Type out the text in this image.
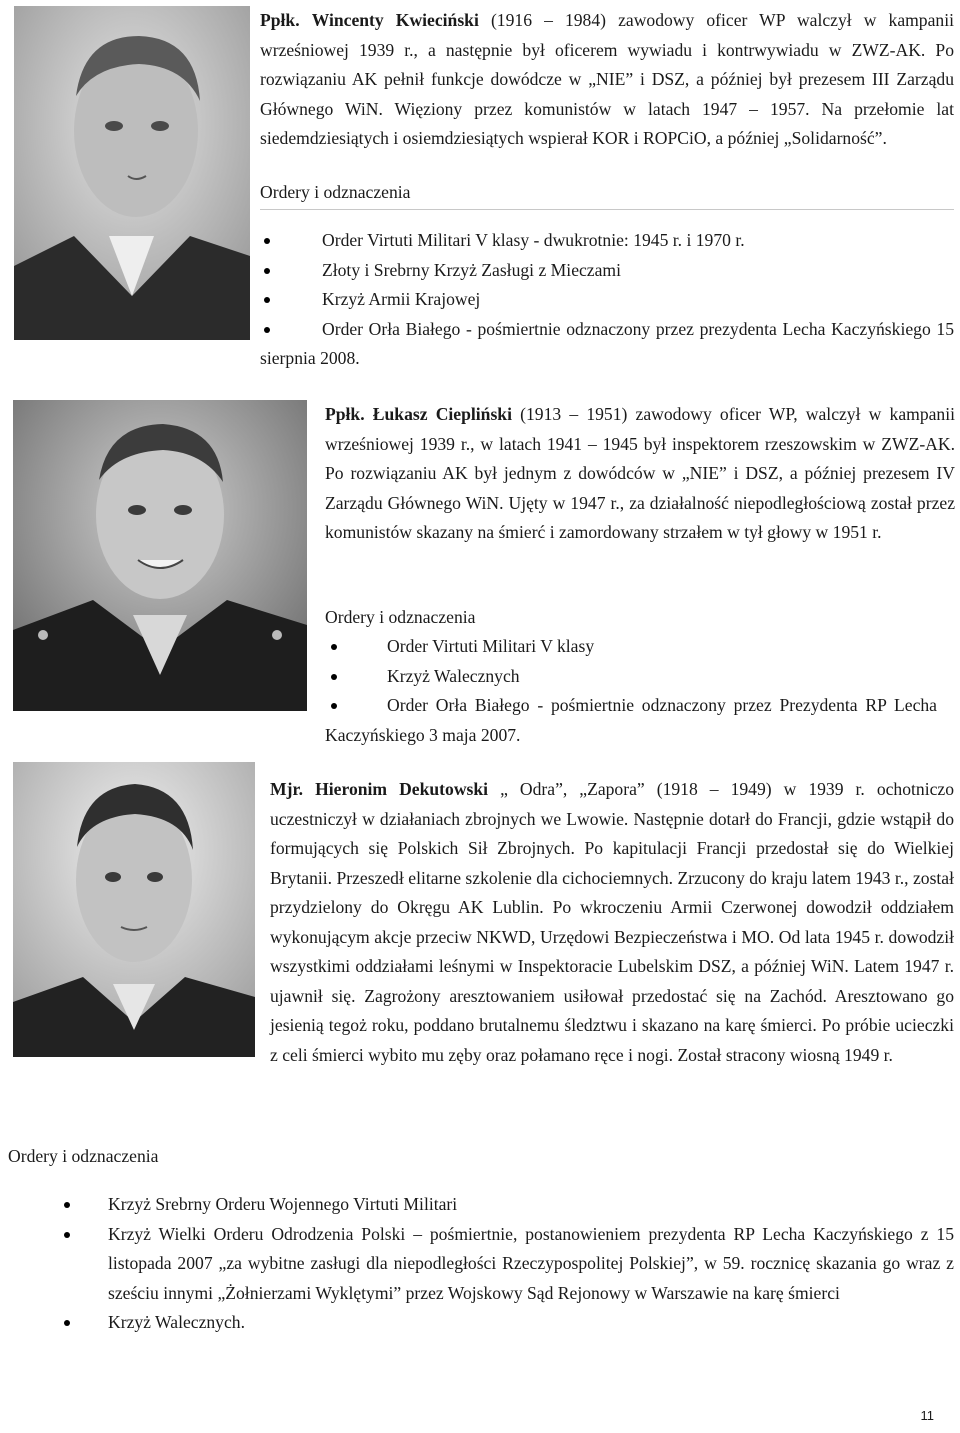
Ppłk. Wincenty Kwieciński (1916 – 1984) zawodowy oficer WP walczył w kampanii wrześniowej 1939 r., a następnie był oficerem wywiadu i kontrwywiadu w ZWZ-AK. Po rozwiązaniu AK pełnił funkcje dowódcze w „NIE” i DSZ, a później był prezesem III Zarządu Głównego WiN. Więziony przez komunistów w latach 1947 – 1957. Na przełomie lat siedemdziesiątych i osiemdziesiątych wspierał KOR i ROPCiO, a później „Solidarność”.
Ordery i odznaczenia
Order Virtuti Militari V klasy - dwukrotnie: 1945 r. i 1970 r.
Złoty i Srebrny Krzyż Zasługi z Mieczami
Krzyż Armii Krajowej
Order Orła Białego - pośmiertnie odznaczony przez prezydenta Lecha Kaczyńskiego 15 sierpnia 2008.
Ppłk. Łukasz Ciepliński (1913 – 1951) zawodowy oficer WP, walczył w kampanii wrześniowej 1939 r., w latach 1941 – 1945 był inspektorem rzeszowskim w ZWZ-AK. Po rozwiązaniu AK był jednym z dowódców w „NIE” i DSZ, a później prezesem IV Zarządu Głównego WiN. Ujęty w 1947 r., za działalność niepodległościową został przez komunistów skazany na śmierć i zamordowany strzałem w tył głowy w 1951 r.
Ordery i odznaczenia
Order Virtuti Militari V klasy
Krzyż Walecznych
Order Orła Białego - pośmiertnie odznaczony przez Prezydenta RP Lecha Kaczyńskiego 3 maja 2007.
Mjr. Hieronim Dekutowski „ Odra”, „Zapora” (1918 – 1949) w 1939 r. ochotniczo uczestniczył w działaniach zbrojnych we Lwowie. Następnie dotarł do Francji, gdzie wstąpił do formujących się Polskich Sił Zbrojnych. Po kapitulacji Francji przedostał się do Wielkiej Brytanii. Przeszedł elitarne szkolenie dla cichociemnych. Zrzucony do kraju latem 1943 r., został przydzielony do Okręgu AK Lublin. Po wkroczeniu Armii Czerwonej dowodził oddziałem wykonującym akcje przeciw NKWD, Urzędowi Bezpieczeństwa i MO. Od lata 1945 r. dowodził wszystkimi oddziałami leśnymi w Inspektoracie Lubelskim DSZ, a później WiN. Latem 1947 r. ujawnił się. Zagrożony aresztowaniem usiłował przedostać się na Zachód. Aresztowano go jesienią tegoż roku, poddano brutalnemu śledztwu i skazano na karę śmierci. Po próbie ucieczki z celi śmierci wybito mu zęby oraz połamano ręce i nogi. Został stracony wiosną 1949 r.
Ordery i odznaczenia
Krzyż Srebrny Orderu Wojennego Virtuti Militari
Krzyż Wielki Orderu Odrodzenia Polski – pośmiertnie, postanowieniem prezydenta RP Lecha Kaczyńskiego z 15 listopada 2007 „za wybitne zasługi dla niepodległości Rzeczypospolitej Polskiej”, w 59. rocznicę skazania go wraz z sześciu innymi „Żołnierzami Wyklętymi” przez Wojskowy Sąd Rejonowy w Warszawie na karę śmierci
Krzyż Walecznych.
11
